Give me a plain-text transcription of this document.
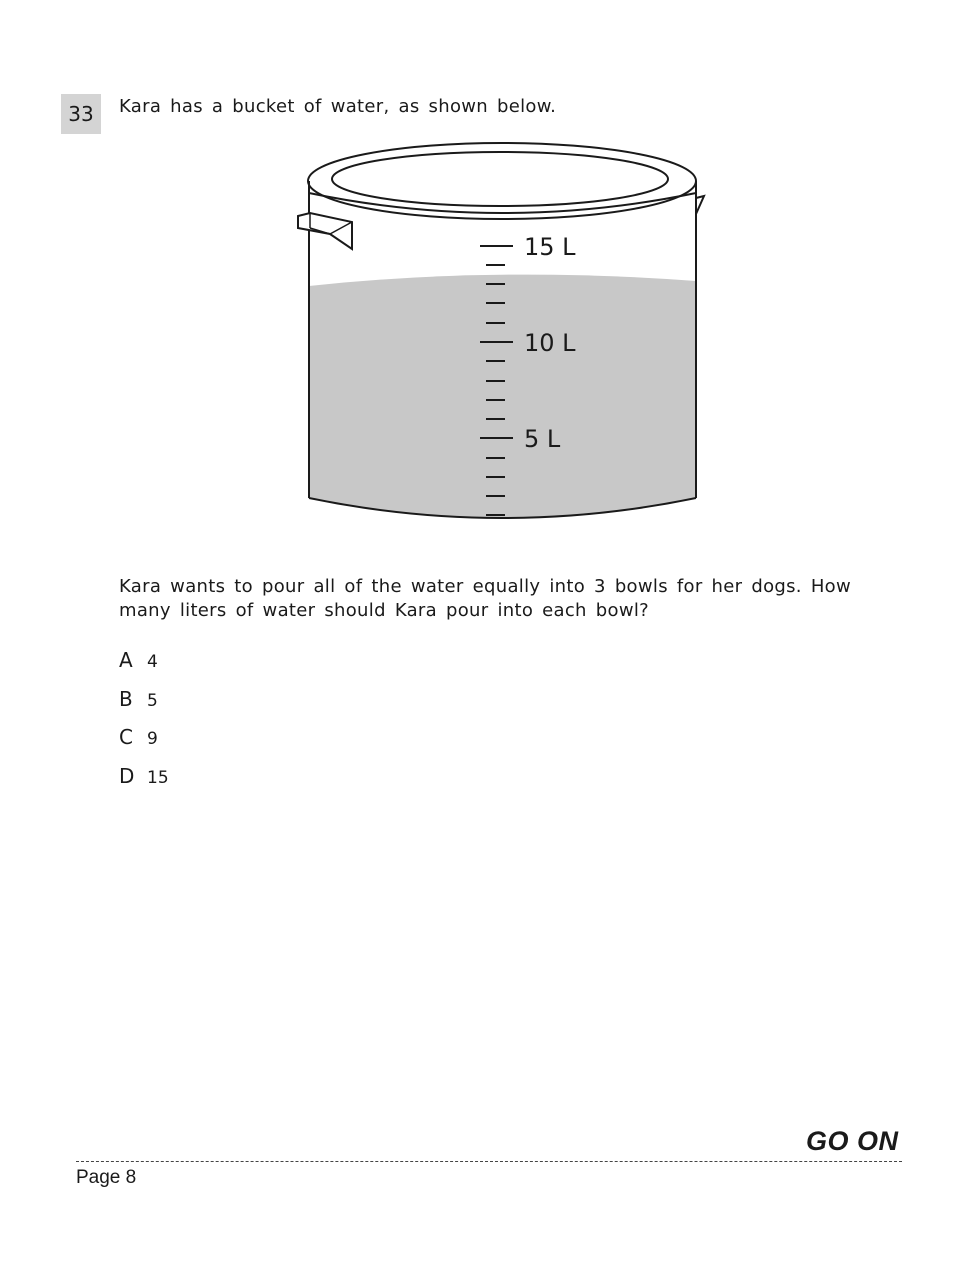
33	Kara has a bucket of water, as shown below.
15 L
10 L
5 L
Kara wants to pour all of the water equally into 3 bowls for her dogs. How many liters of water should Kara pour into each bowl?
A 4
B 5
C 9
D 15
GO ON
Page 8
